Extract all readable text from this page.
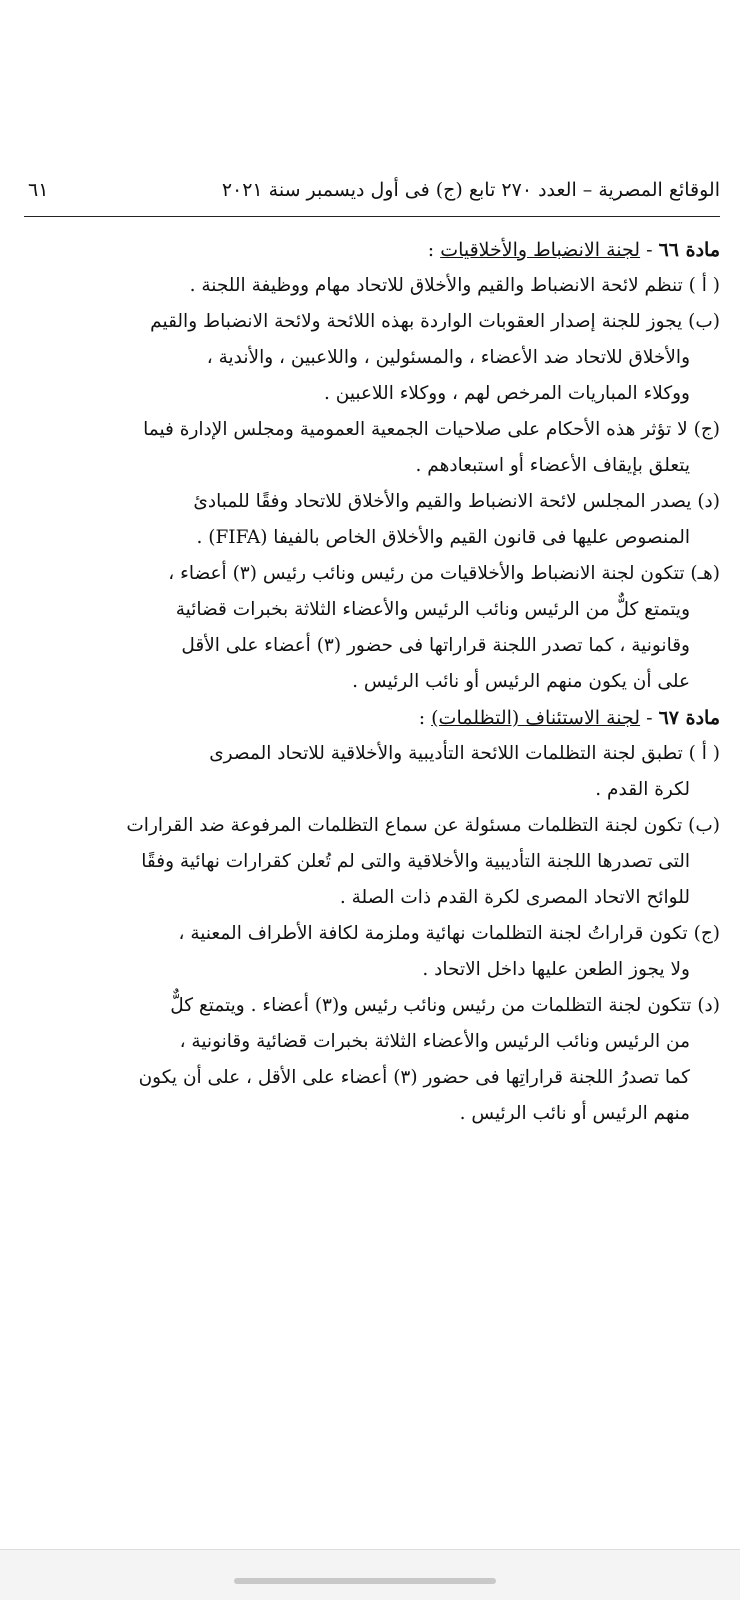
الوقائع المصرية – العدد ٢٧٠ تابع (ج) فى أول ديسمبر سنة ٢٠٢١
٦١
مادة ٦٦ - لجنة الانضباط والأخلاقيات :

( أ ) تنظم لائحة الانضباط والقيم والأخلاق للاتحاد مهام ووظيفة اللجنة .

(ب) يجوز للجنة إصدار العقوبات الواردة بهذه اللائحة ولائحة الانضباط والقيم

والأخلاق للاتحاد ضد الأعضاء ، والمسئولين ، واللاعبين ، والأندية ،

ووكلاء المباريات المرخص لهم ، ووكلاء اللاعبين .

(ج) لا تؤثر هذه الأحكام على صلاحيات الجمعية العمومية ومجلس الإدارة فيما

يتعلق بإيقاف الأعضاء أو استبعادهم .

(د) يصدر المجلس لائحة الانضباط والقيم والأخلاق للاتحاد وفقًا للمبادئ

المنصوص عليها فى قانون القيم والأخلاق الخاص بالفيفا (FIFA) .

(هـ) تتكون لجنة الانضباط والأخلاقيات من رئيس ونائب رئيس (٣) أعضاء ،

ويتمتع كلٌّ من الرئيس ونائب الرئيس والأعضاء الثلاثة بخبرات قضائية

وقانونية ، كما تصدر اللجنة قراراتها فى حضور (٣) أعضاء على الأقل

على أن يكون منهم الرئيس أو نائب الرئيس .

مادة ٦٧ - لجنة الاستئناف (التظلمات) :

( أ ) تطبق لجنة التظلمات اللائحة التأديبية والأخلاقية للاتحاد المصرى

لكرة القدم .

(ب) تكون لجنة التظلمات مسئولة عن سماع التظلمات المرفوعة ضد القرارات

التى تصدرها اللجنة التأديبية والأخلاقية والتى لم تُعلن كقرارات نهائية وفقًا

للوائح الاتحاد المصرى لكرة القدم ذات الصلة .

(ج) تكون قراراتُ لجنة التظلمات نهائية وملزمة لكافة الأطراف المعنية ،

ولا يجوز الطعن عليها داخل الاتحاد .

(د) تتكون لجنة التظلمات من رئيس ونائب رئيس و(٣) أعضاء . ويتمتع كلٌّ

من الرئيس ونائب الرئيس والأعضاء الثلاثة بخبرات قضائية وقانونية ،

كما تصدرُ اللجنة قراراتِها فى حضور (٣) أعضاء على الأقل ، على أن يكون

منهم الرئيس أو نائب الرئيس .
